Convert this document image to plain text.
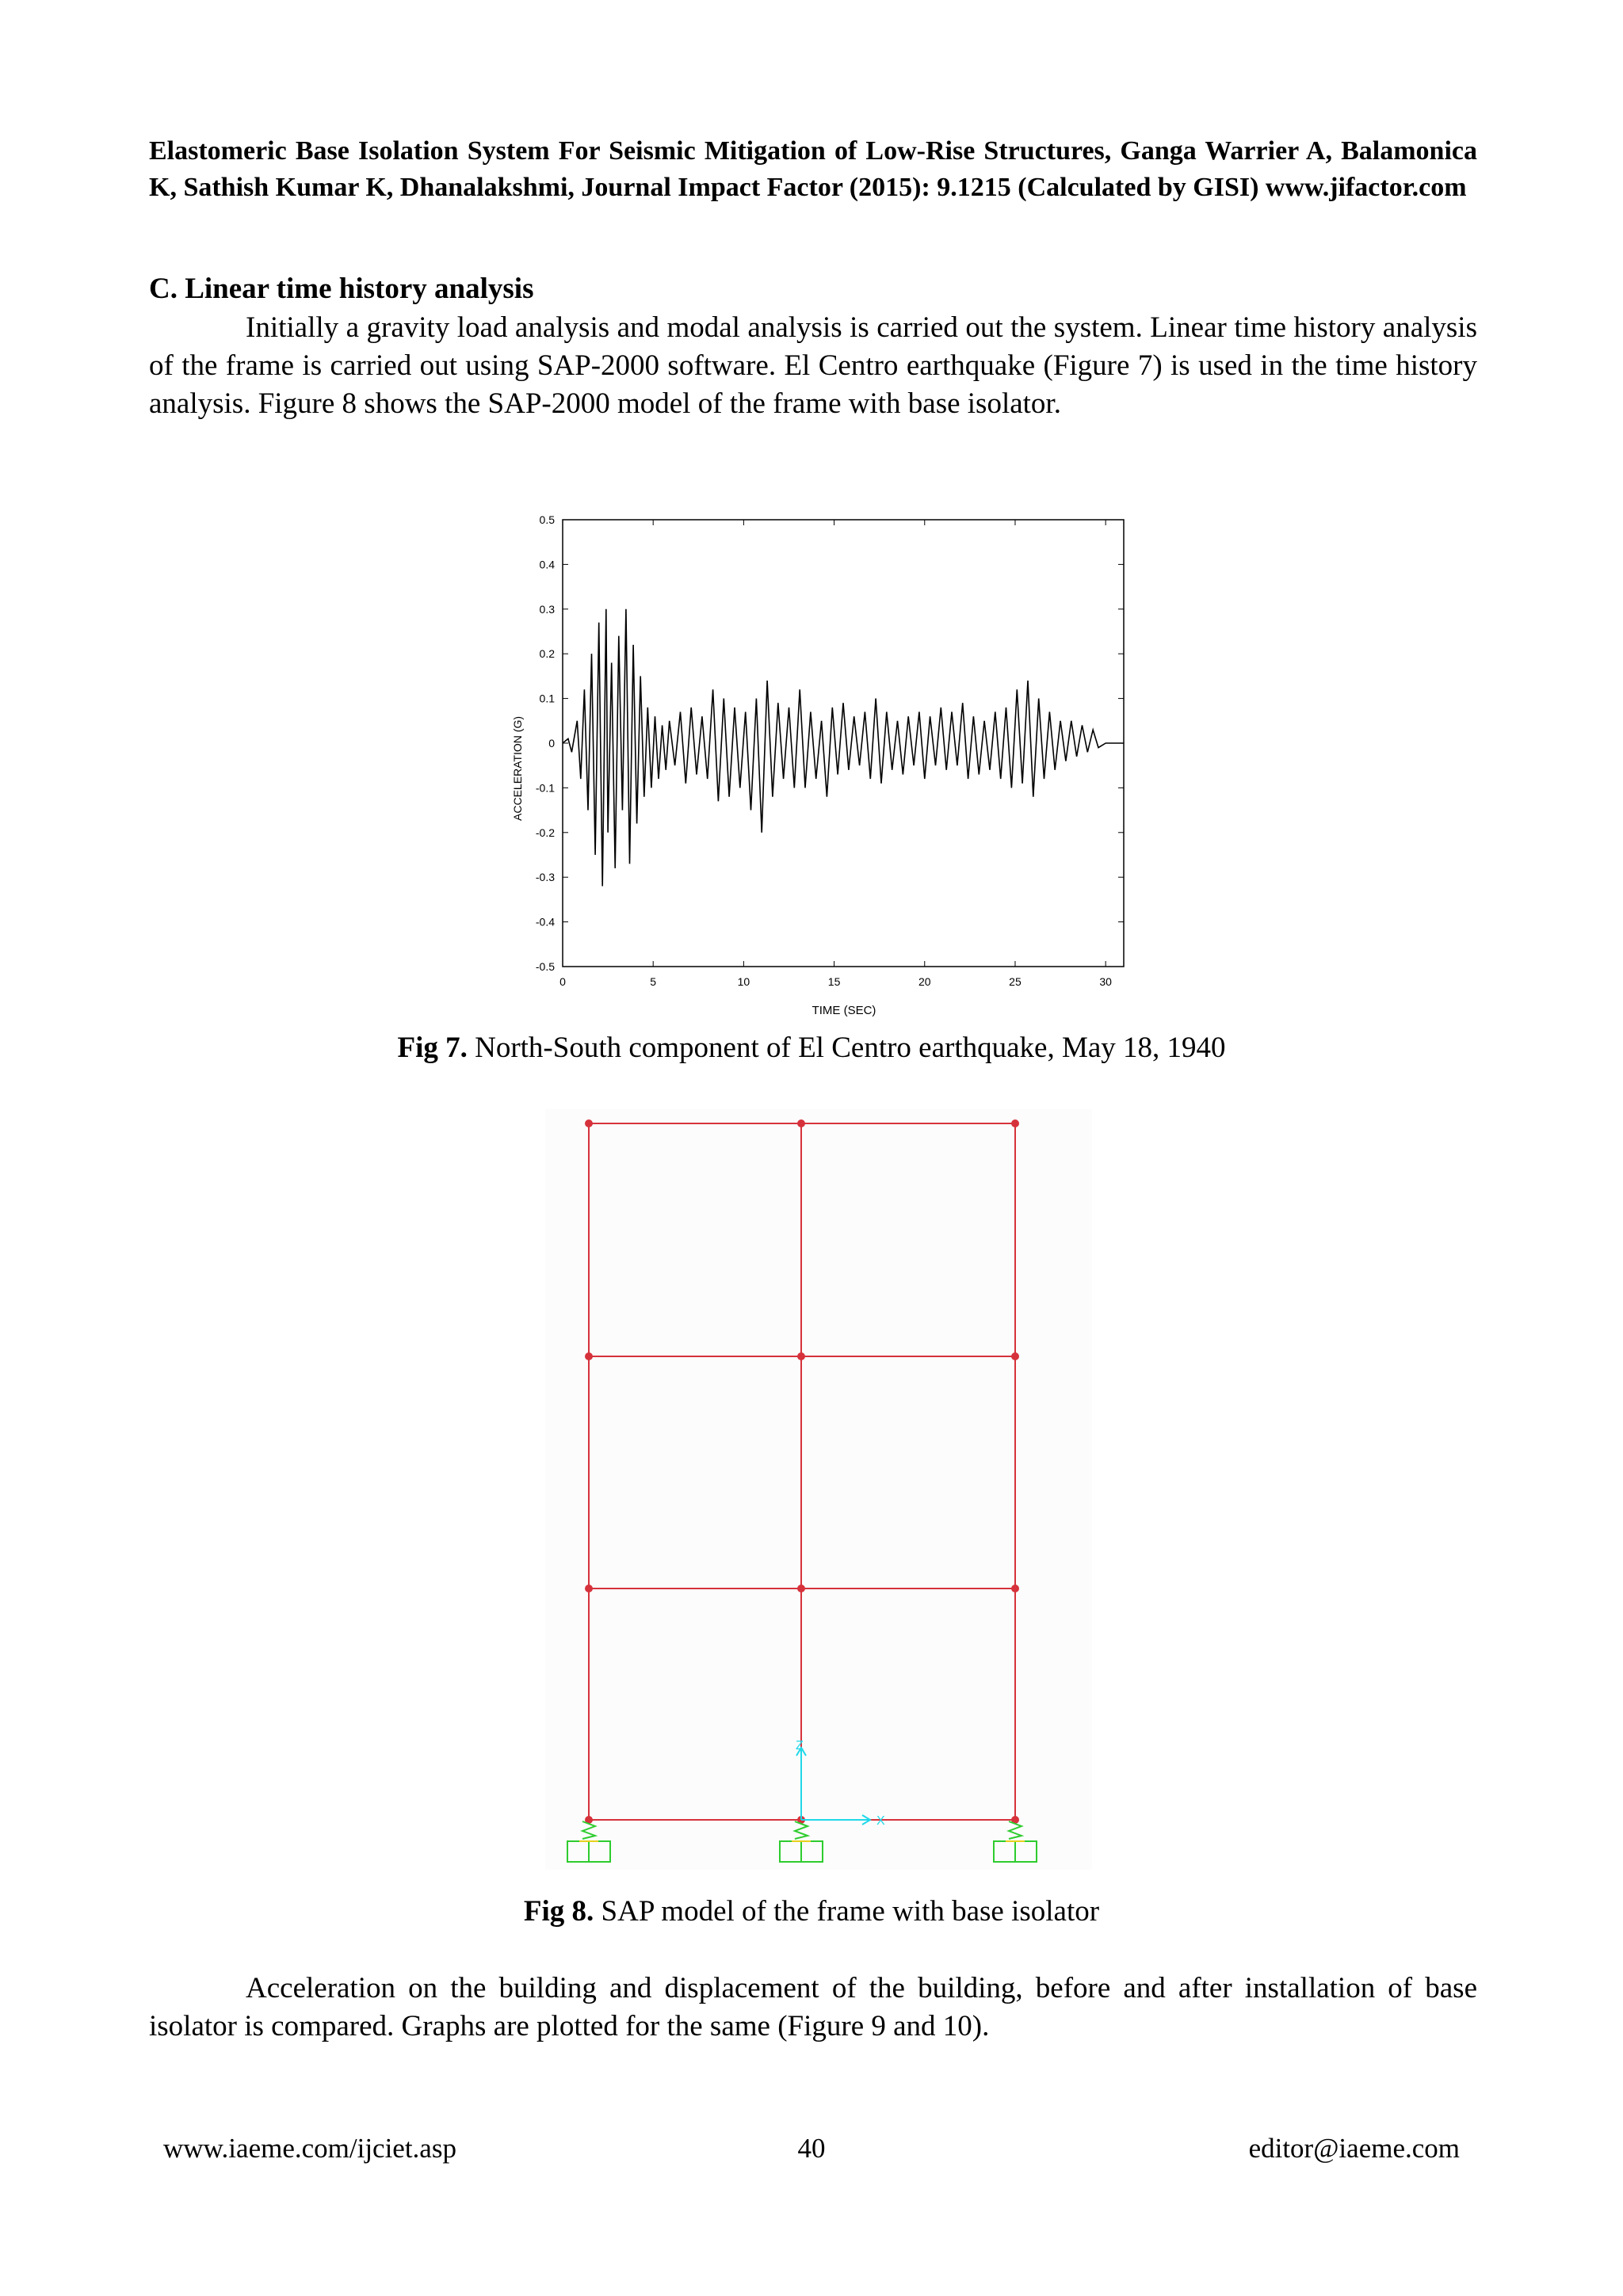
Elastomeric Base Isolation System For Seismic Mitigation of Low-Rise Structures, Ganga Warrier A, Balamonica K, Sathish Kumar K, Dhanalakshmi, Journal Impact Factor (2015): 9.1215 (Calculated by GISI) www.jifactor.com
C. Linear time history analysis
Initially a gravity load analysis and modal analysis is carried out the system. Linear time history analysis of the frame is carried out using SAP-2000 software. El Centro earthquake (Figure 7) is used in the time history analysis. Figure 8 shows the SAP-2000 model of the frame with base isolator.
0.5
0.4
0.3
0.2
0.1
0
-0.1
-0.2
-0.3
-0.4
-0.5
0	5	10	15	20	25	30
TIME (SEC)
ACCELERATION (G)
Fig 7. North-South component of El Centro earthquake, May 18, 1940
Z
X
Fig 8. SAP model of the frame with base isolator
Acceleration on the building and displacement of the building, before and after installation of base isolator is compared. Graphs are plotted for the same (Figure 9 and 10).
www.iaeme.com/ijciet.asp	40	editor@iaeme.com
